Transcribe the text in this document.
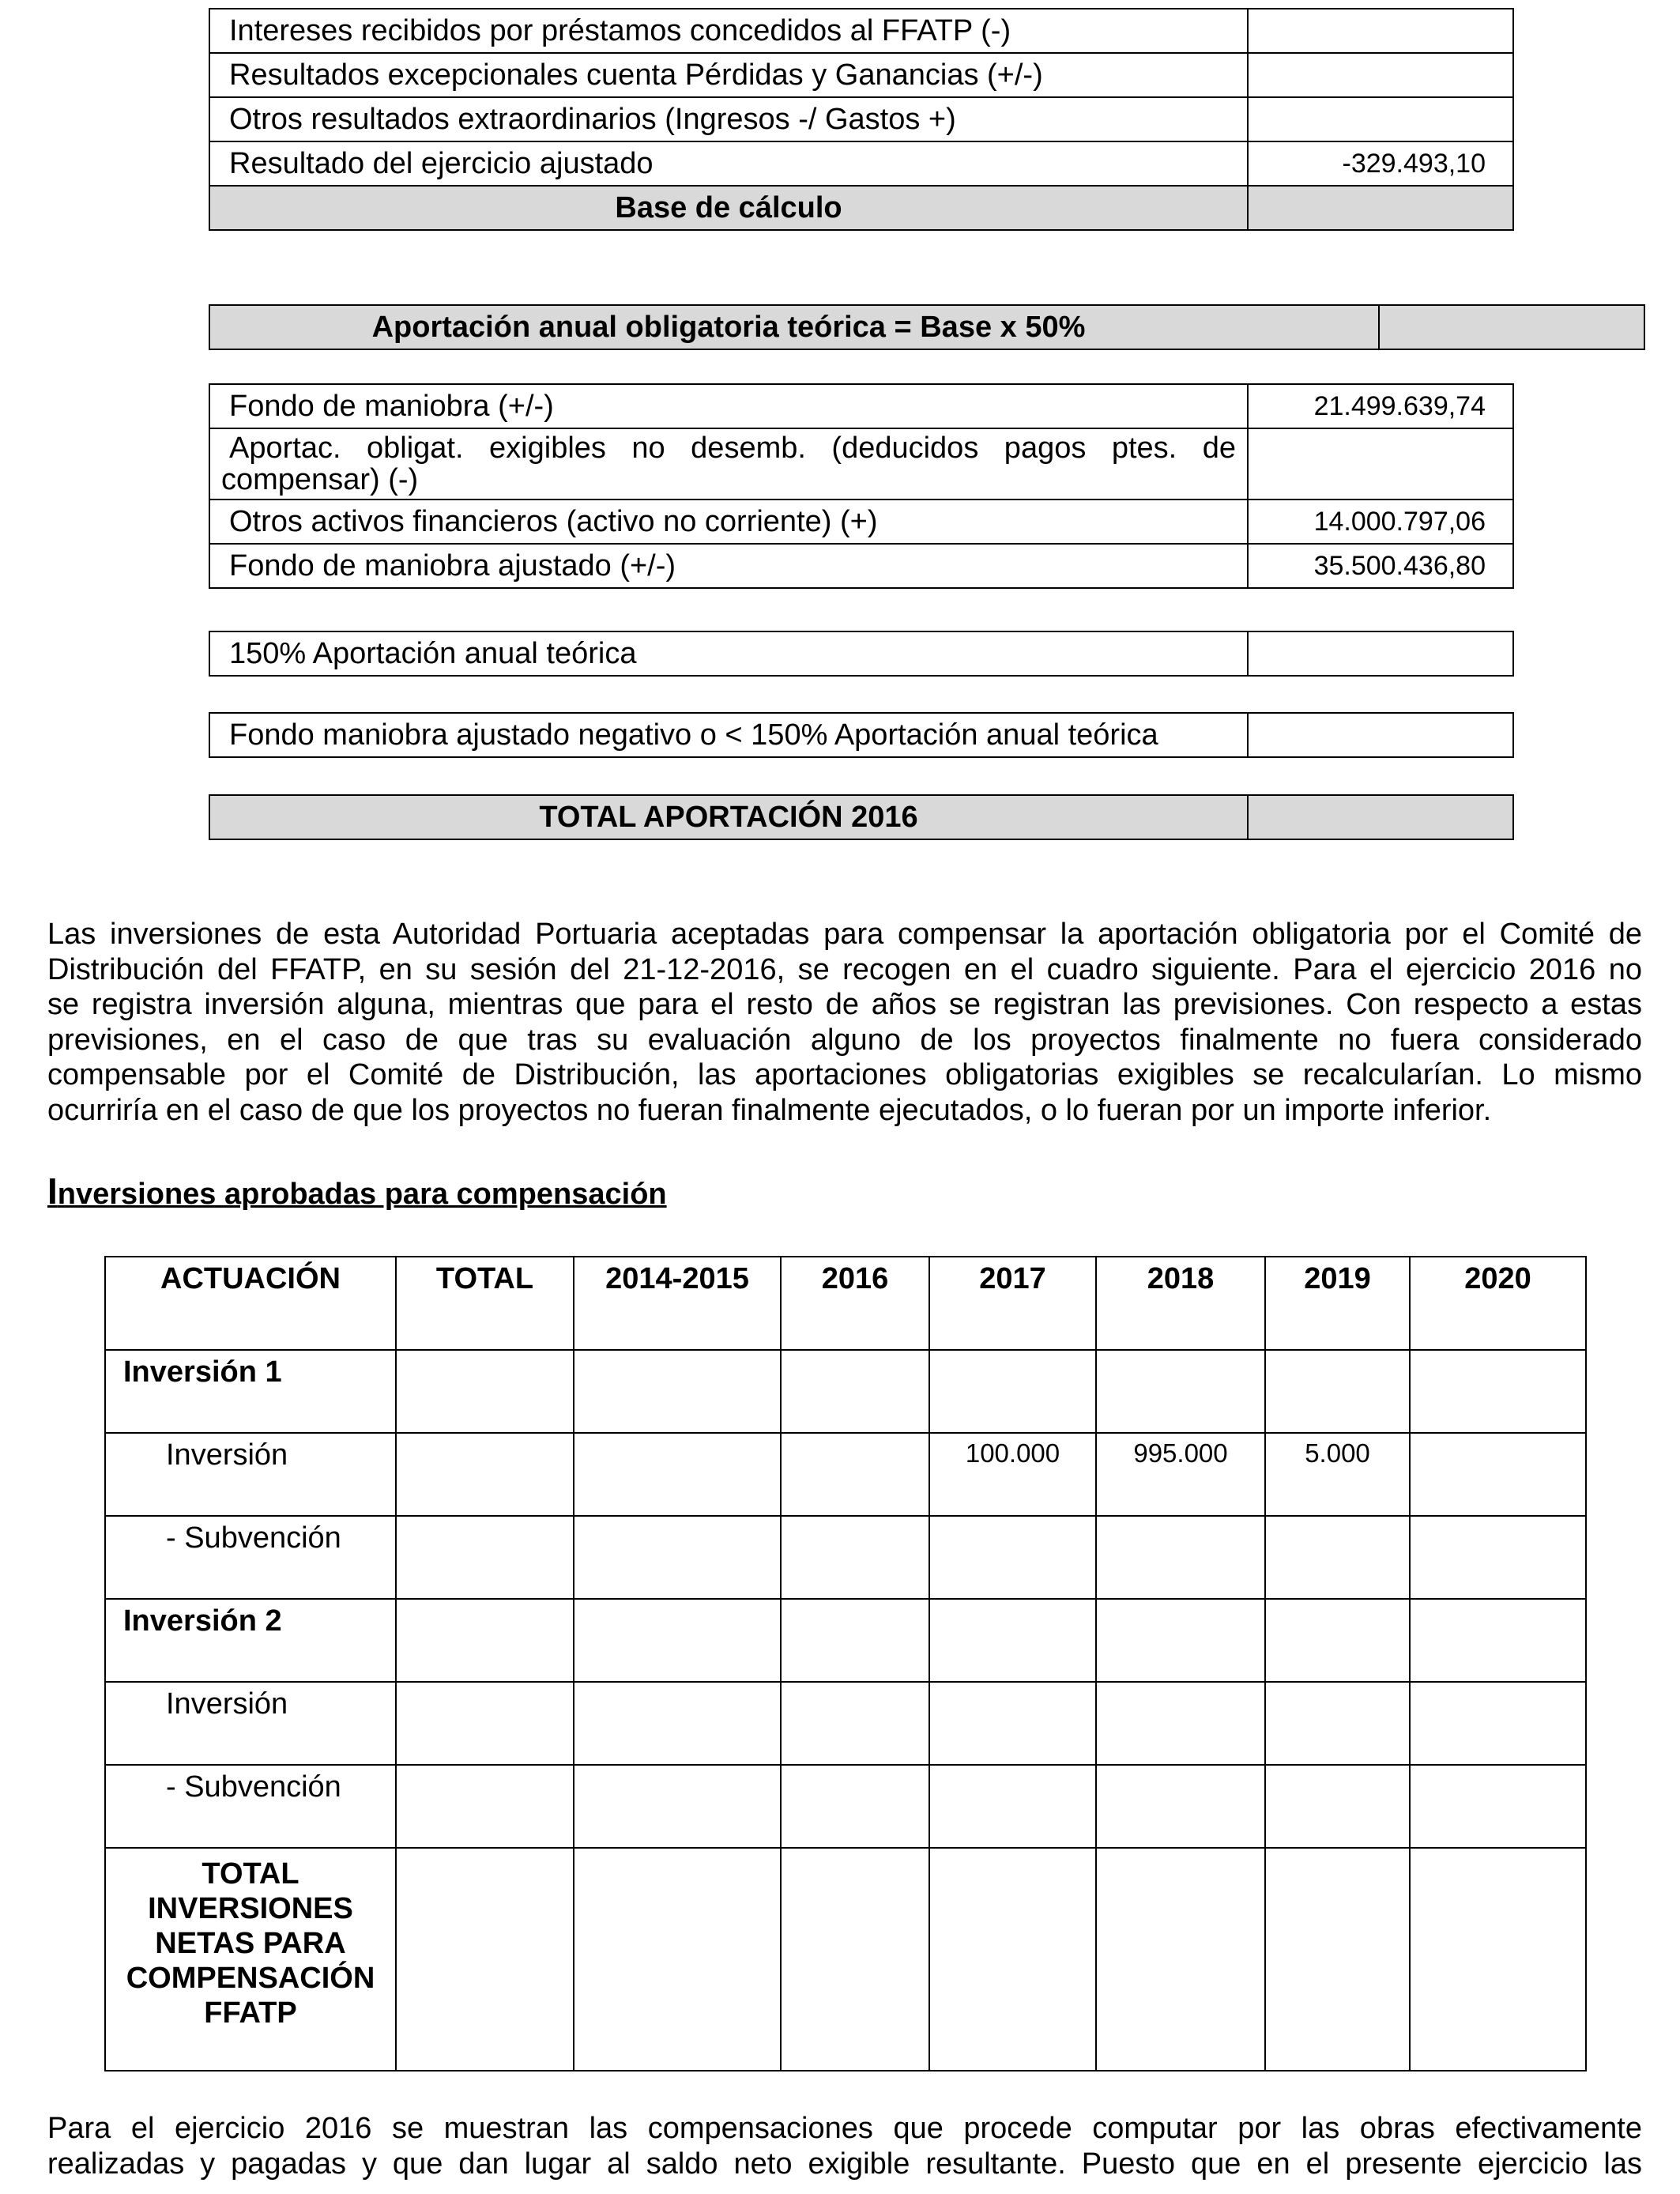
Intereses recibidos por préstamos concedidos al FFATP (-)	
Resultados excepcionales cuenta Pérdidas y Ganancias (+/-)	
Otros resultados extraordinarios (Ingresos -/ Gastos +)	
Resultado del ejercicio ajustado	-329.493,10
Base de cálculo	
Aportación anual obligatoria teórica = Base x 50%	
Fondo de maniobra (+/-)	21.499.639,74

Aportac. obligat. exigibles no desemb. (deducidos pagos ptes. de
compensar) (-)	

Otros activos financieros (activo no corriente) (+)	14.000.797,06
Fondo de maniobra ajustado (+/-)	35.500.436,80
150% Aportación anual teórica	
Fondo maniobra ajustado negativo o < 150% Aportación anual teórica	
TOTAL APORTACIÓN 2016	
Las inversiones de esta Autoridad Portuaria aceptadas para compensar la aportación obligatoria por el Comité de
Distribución del FFATP, en su sesión del 21-12-2016, se recogen en el cuadro siguiente. Para el ejercicio 2016 no
se registra inversión alguna, mientras que para el resto de años se registran las previsiones. Con respecto a estas
previsiones, en el caso de que tras su evaluación alguno de los proyectos finalmente no fuera considerado
compensable por el Comité de Distribución, las aportaciones obligatorias exigibles se recalcularían. Lo mismo
ocurriría en el caso de que los proyectos no fueran finalmente ejecutados, o lo fueran por un importe inferior.
Inversiones aprobadas para compensación
ACTUACIÓN	TOTAL	2014-2015	2016	2017	2018	2019	2020
Inversión 1							
Inversión				100.000	995.000	5.000	
- Subvención							
Inversión 2							
Inversión							
- Subvención							

TOTAL
INVERSIONES
NETAS PARA
COMPENSACIÓN
FFATP							

Para el ejercicio 2016 se muestran las compensaciones que procede computar por las obras efectivamente
realizadas y pagadas y que dan lugar al saldo neto exigible resultante. Puesto que en el presente ejercicio las
